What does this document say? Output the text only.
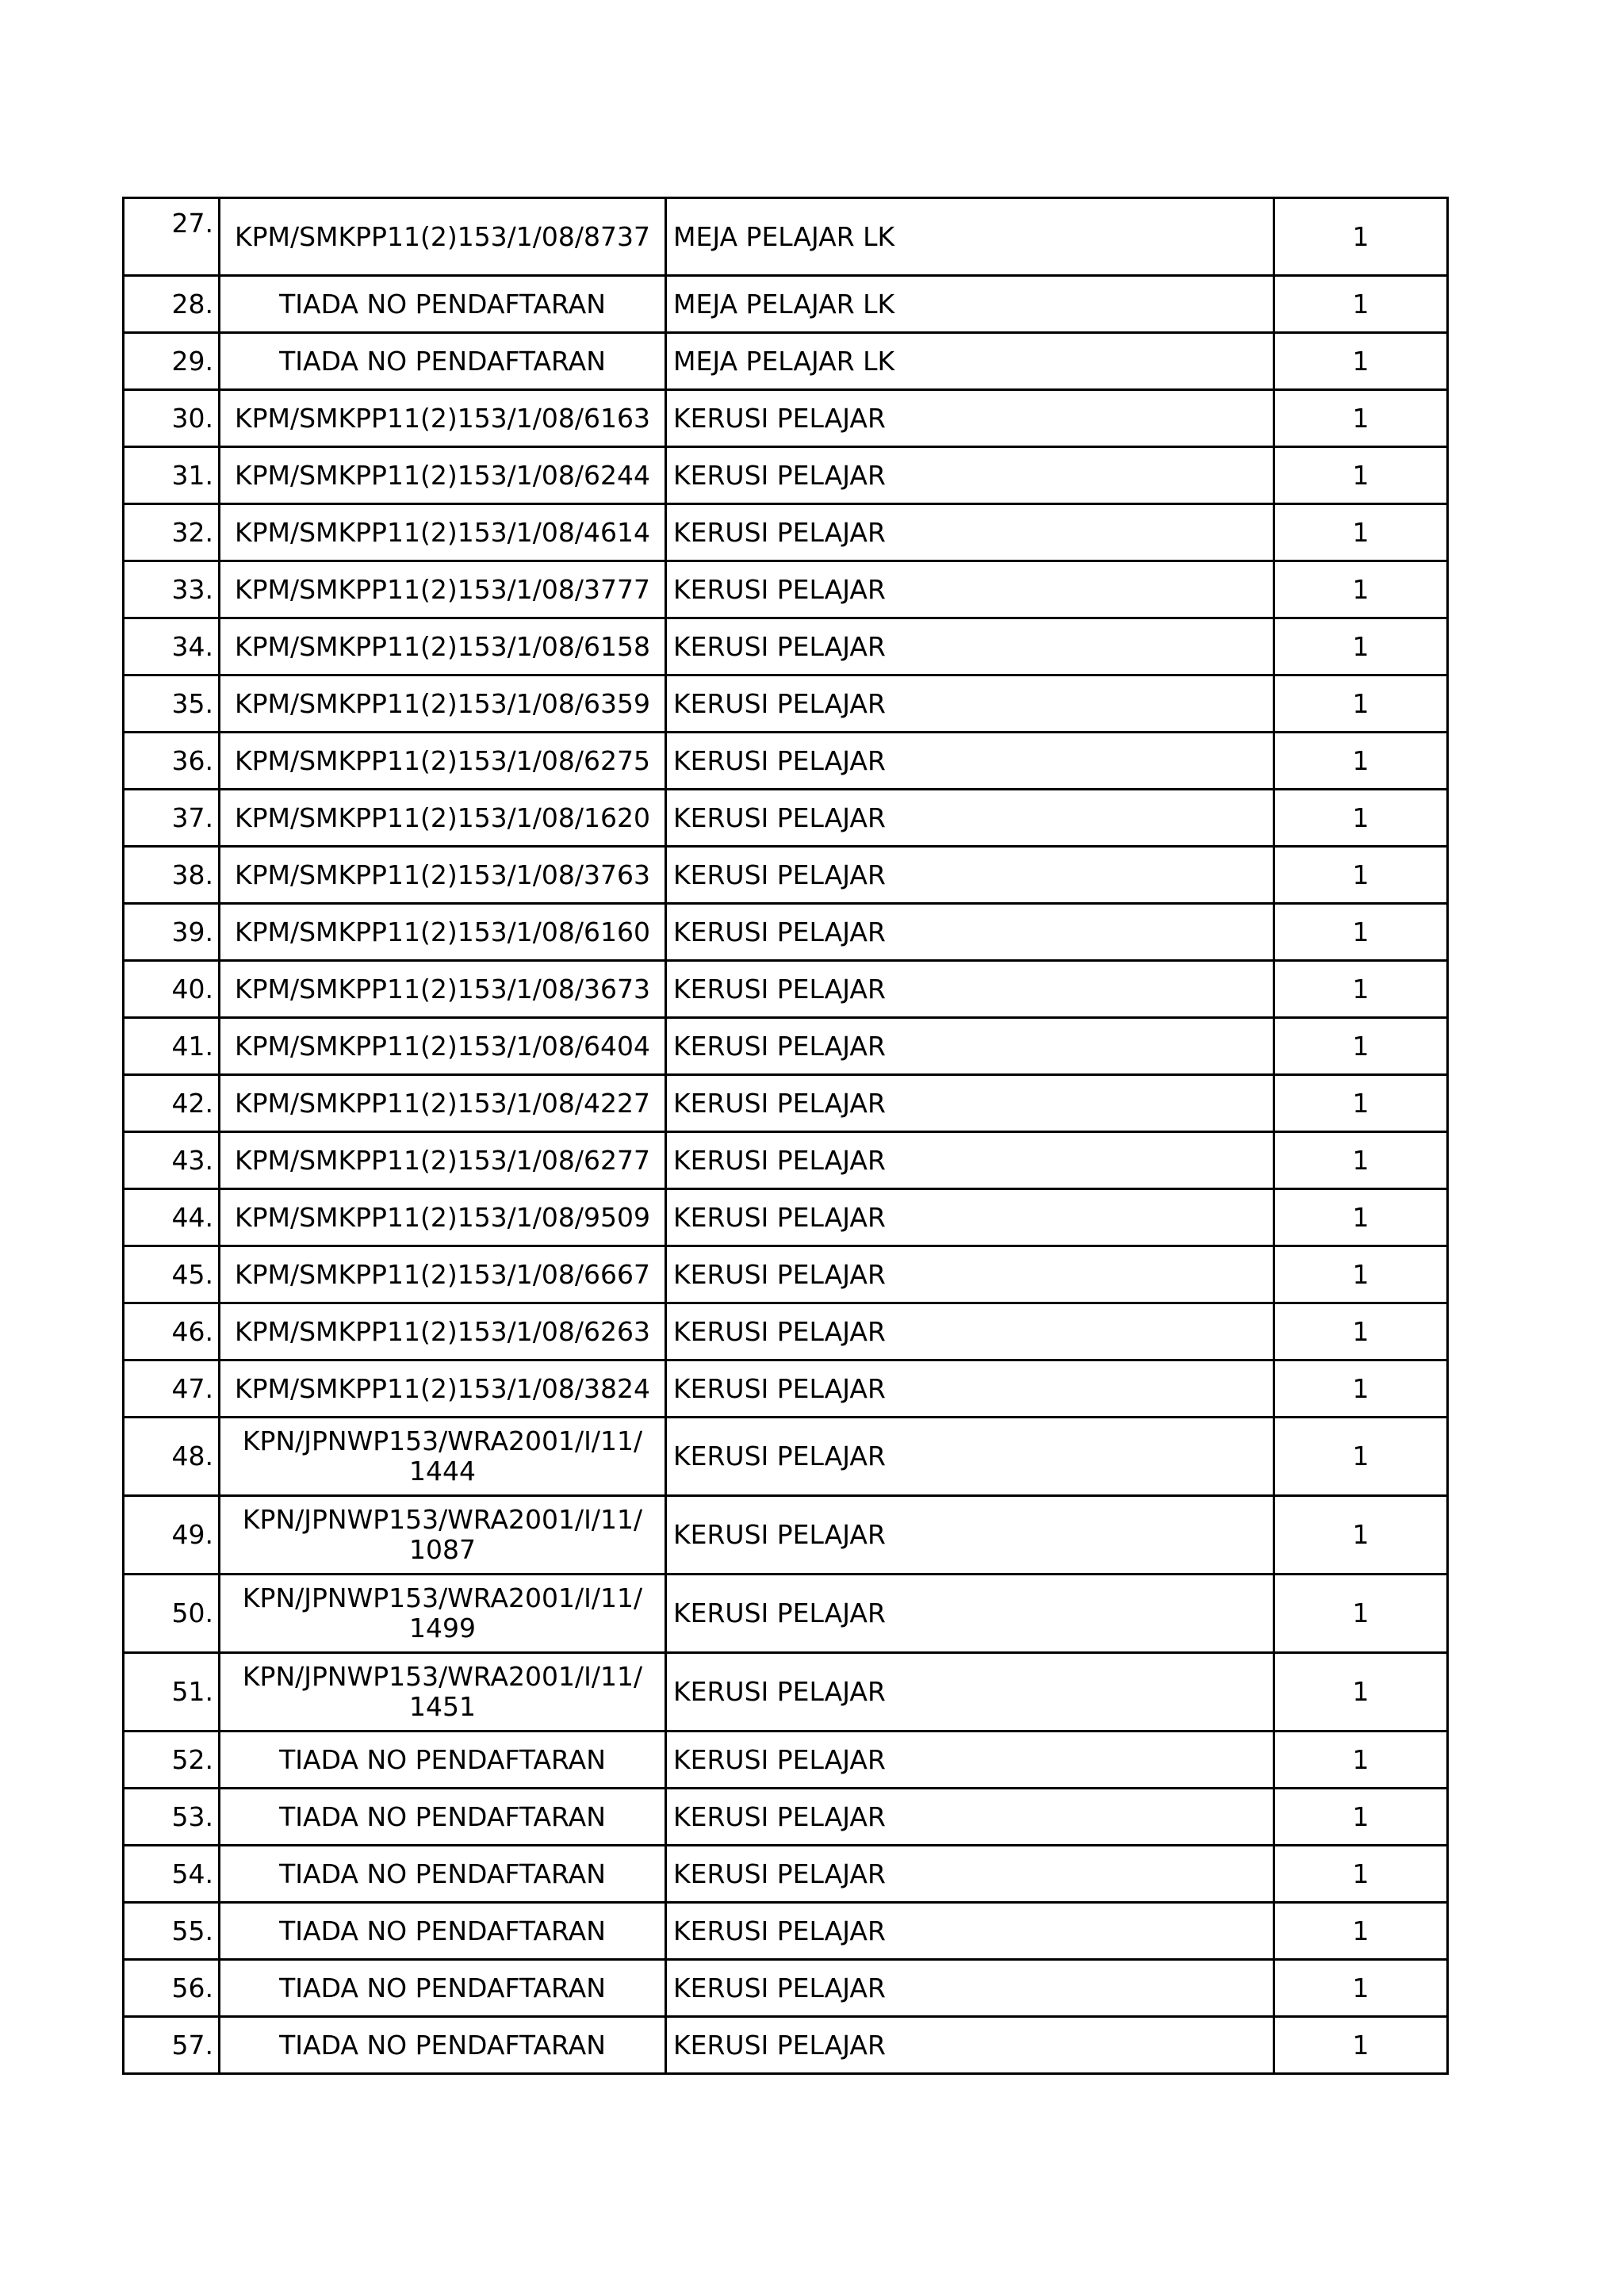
27.	KPM/SMKPP11(2)153/1/08/8737	MEJA PELAJAR LK	1
28.	TIADA NO PENDAFTARAN	MEJA PELAJAR LK	1
29.	TIADA NO PENDAFTARAN	MEJA PELAJAR LK	1
30.	KPM/SMKPP11(2)153/1/08/6163	KERUSI PELAJAR	1
31.	KPM/SMKPP11(2)153/1/08/6244	KERUSI PELAJAR	1
32.	KPM/SMKPP11(2)153/1/08/4614	KERUSI PELAJAR	1
33.	KPM/SMKPP11(2)153/1/08/3777	KERUSI PELAJAR	1
34.	KPM/SMKPP11(2)153/1/08/6158	KERUSI PELAJAR	1
35.	KPM/SMKPP11(2)153/1/08/6359	KERUSI PELAJAR	1
36.	KPM/SMKPP11(2)153/1/08/6275	KERUSI PELAJAR	1
37.	KPM/SMKPP11(2)153/1/08/1620	KERUSI PELAJAR	1
38.	KPM/SMKPP11(2)153/1/08/3763	KERUSI PELAJAR	1
39.	KPM/SMKPP11(2)153/1/08/6160	KERUSI PELAJAR	1
40.	KPM/SMKPP11(2)153/1/08/3673	KERUSI PELAJAR	1
41.	KPM/SMKPP11(2)153/1/08/6404	KERUSI PELAJAR	1
42.	KPM/SMKPP11(2)153/1/08/4227	KERUSI PELAJAR	1
43.	KPM/SMKPP11(2)153/1/08/6277	KERUSI PELAJAR	1
44.	KPM/SMKPP11(2)153/1/08/9509	KERUSI PELAJAR	1
45.	KPM/SMKPP11(2)153/1/08/6667	KERUSI PELAJAR	1
46.	KPM/SMKPP11(2)153/1/08/6263	KERUSI PELAJAR	1
47.	KPM/SMKPP11(2)153/1/08/3824	KERUSI PELAJAR	1
48.	KPN/JPNWP153/WRA2001/I/11/ 1444	KERUSI PELAJAR	1
49.	KPN/JPNWP153/WRA2001/I/11/ 1087	KERUSI PELAJAR	1
50.	KPN/JPNWP153/WRA2001/I/11/ 1499	KERUSI PELAJAR	1
51.	KPN/JPNWP153/WRA2001/I/11/ 1451	KERUSI PELAJAR	1
52.	TIADA NO PENDAFTARAN	KERUSI PELAJAR	1
53.	TIADA NO PENDAFTARAN	KERUSI PELAJAR	1
54.	TIADA NO PENDAFTARAN	KERUSI PELAJAR	1
55.	TIADA NO PENDAFTARAN	KERUSI PELAJAR	1
56.	TIADA NO PENDAFTARAN	KERUSI PELAJAR	1
57.	TIADA NO PENDAFTARAN	KERUSI PELAJAR	1
